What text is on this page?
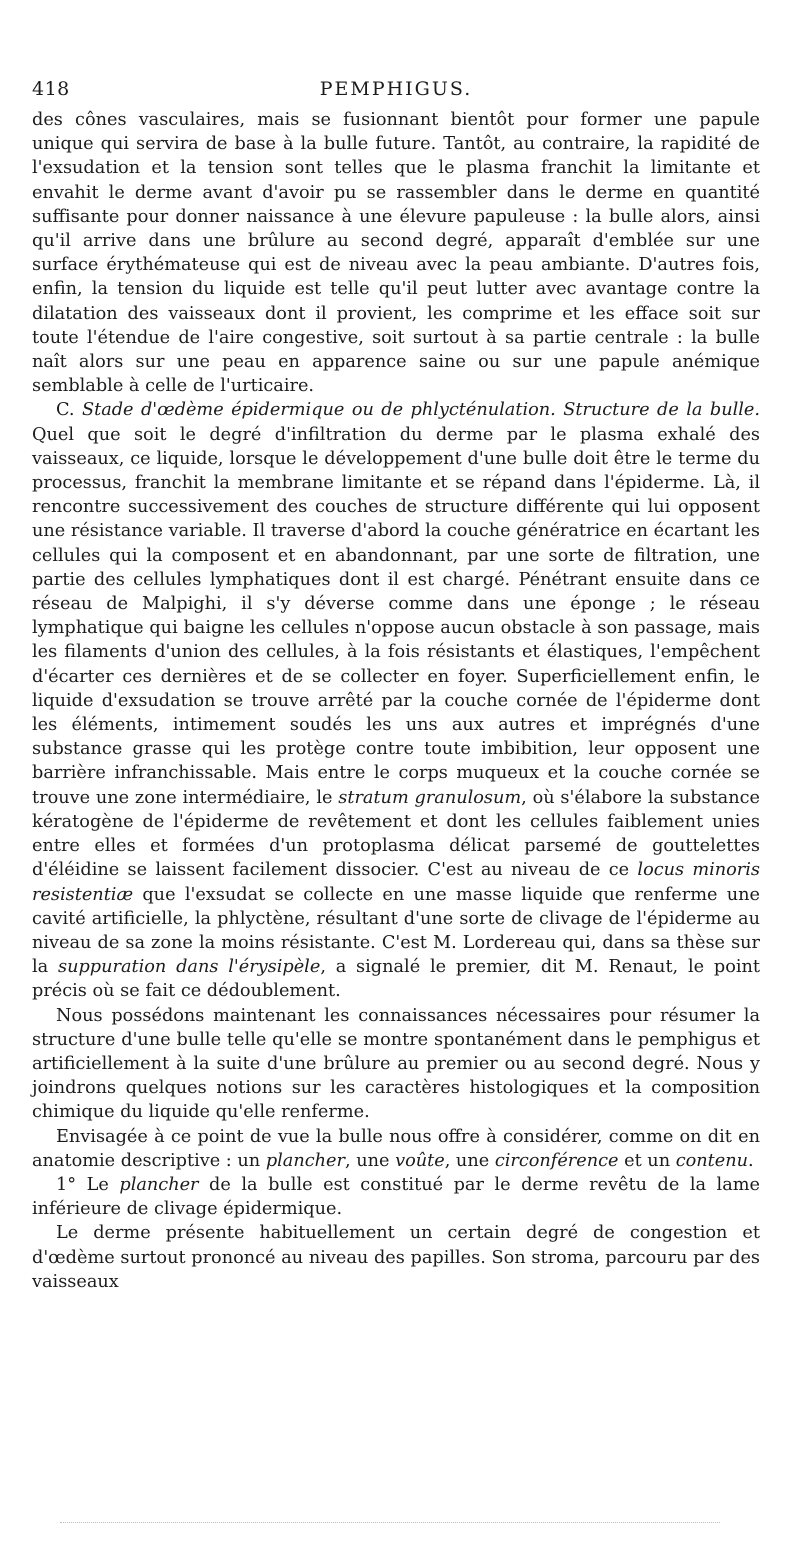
418	PEMPHIGUS.

des cônes vasculaires, mais se fusionnant bientôt pour former une papule unique qui servira de base à la bulle future. Tantôt, au contraire, la rapidité de l'exsudation et la tension sont telles que le plasma franchit la limitante et envahit le derme avant d'avoir pu se rassembler dans le derme en quantité suffisante pour donner naissance à une élevure papuleuse : la bulle alors, ainsi qu'il arrive dans une brûlure au second degré, apparaît d'emblée sur une surface érythémateuse qui est de niveau avec la peau ambiante. D'autres fois, enfin, la tension du liquide est telle qu'il peut lutter avec avantage contre la dilatation des vaisseaux dont il provient, les comprime et les efface soit sur toute l'étendue de l'aire congestive, soit surtout à sa partie centrale : la bulle naît alors sur une peau en apparence saine ou sur une papule anémique semblable à celle de l'urticaire.

C. Stade d'œdème épidermique ou de phlycténulation. Structure de la bulle. Quel que soit le degré d'infiltration du derme par le plasma exhalé des vaisseaux, ce liquide, lorsque le développement d'une bulle doit être le terme du processus, franchit la membrane limitante et se répand dans l'épiderme. Là, il rencontre successivement des couches de structure différente qui lui opposent une résistance variable. Il traverse d'abord la couche génératrice en écartant les cellules qui la composent et en abandonnant, par une sorte de filtration, une partie des cellules lymphatiques dont il est chargé. Pénétrant ensuite dans ce réseau de Malpighi, il s'y déverse comme dans une éponge ; le réseau lymphatique qui baigne les cellules n'oppose aucun obstacle à son passage, mais les filaments d'union des cellules, à la fois résistants et élastiques, l'empêchent d'écarter ces dernières et de se collecter en foyer. Superficiellement enfin, le liquide d'exsudation se trouve arrêté par la couche cornée de l'épiderme dont les éléments, intimement soudés les uns aux autres et imprégnés d'une substance grasse qui les protège contre toute imbibition, leur opposent une barrière infranchissable. Mais entre le corps muqueux et la couche cornée se trouve une zone intermédiaire, le stratum granulosum, où s'élabore la substance kératogène de l'épiderme de revêtement et dont les cellules faiblement unies entre elles et formées d'un protoplasma délicat parsemé de gouttelettes d'éléidine se laissent facilement dissocier. C'est au niveau de ce locus minoris resistentiæ que l'exsudat se collecte en une masse liquide que renferme une cavité artificielle, la phlyctène, résultant d'une sorte de clivage de l'épiderme au niveau de sa zone la moins résistante. C'est M. Lordereau qui, dans sa thèse sur la suppuration dans l'érysipèle, a signalé le premier, dit M. Renaut, le point précis où se fait ce dédoublement.

Nous possédons maintenant les connaissances nécessaires pour résumer la structure d'une bulle telle qu'elle se montre spontanément dans le pemphigus et artificiellement à la suite d'une brûlure au premier ou au second degré. Nous y joindrons quelques notions sur les caractères histologiques et la composition chimique du liquide qu'elle renferme.

Envisagée à ce point de vue la bulle nous offre à considérer, comme on dit en anatomie descriptive : un plancher, une voûte, une circonférence et un contenu.

1° Le plancher de la bulle est constitué par le derme revêtu de la lame inférieure de clivage épidermique.

Le derme présente habituellement un certain degré de congestion et d'œdème surtout prononcé au niveau des papilles. Son stroma, parcouru par des vaisseaux
